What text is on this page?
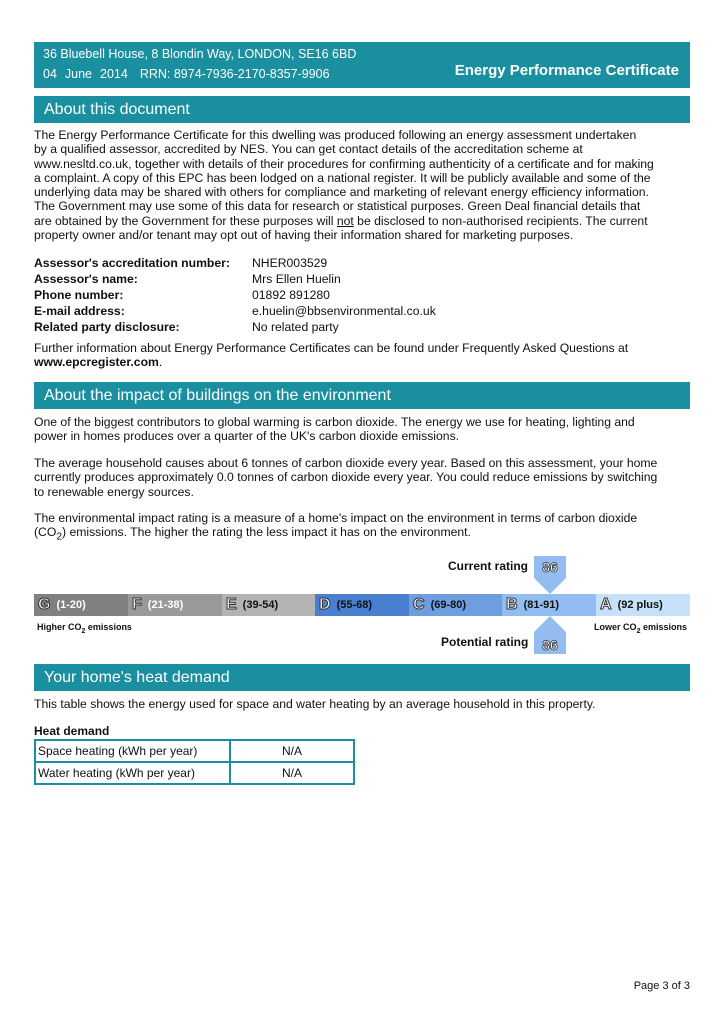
36 Bluebell House, 8 Blondin Way, LONDON, SE16 6BD
04 June 2014 RRN: 8974-7936-2170-8357-9906	Energy Performance Certificate
About this document

The Energy Performance Certificate for this dwelling was produced following an energy assessment undertaken

by a qualified assessor, accredited by NES. You can get contact details of the accreditation scheme at

www.nesltd.co.uk, together with details of their procedures for confirming authenticity of a certificate and for making

a complaint. A copy of this EPC has been lodged on a national register. It will be publicly available and some of the

underlying data may be shared with others for compliance and marketing of relevant energy efficiency information.

The Government may use some of this data for research or statistical purposes. Green Deal financial details that

are obtained by the Government for these purposes will not be disclosed to non-authorised recipients. The current

property owner and/or tenant may opt out of having their information shared for marketing purposes.

Assessor's accreditation number:	NHER003529
Assessor's name:	Mrs Ellen Huelin
Phone number:	01892 891280
E-mail address:	e.huelin@bbsenvironmental.co.uk
Related party disclosure:	No related party

Further information about Energy Performance Certificates can be found under Frequently Asked Questions at

www.epcregister.com.

About the impact of buildings on the environment

One of the biggest contributors to global warming is carbon dioxide. The energy we use for heating, lighting and

power in homes produces over a quarter of the UK's carbon dioxide emissions.

The average household causes about 6 tonnes of carbon dioxide every year. Based on this assessment, your home

currently produces approximately 0.0 tonnes of carbon dioxide every year. You could reduce emissions by switching

to renewable energy sources.

The environmental impact rating is a measure of a home's impact on the environment in terms of carbon dioxide

$(CO_2)$ emissions. The higher the rating the less impact it has on the environment.

Current rating 86
G (1-20)	F (21-38)	E (39-54)	D (55-68)	C (69-80) B (81-91)	A (92 plus)
Higher $CO_2$ emissions	Lower $CO_2$ emissions
86
Potential rating
Your home's heat demand
This table shows the energy used for space and water heating by an average household in this property.
Heat demand
Space heating (kWh per year)	N/A
Water heating (kWh per year)	N/A
Page 3 of 3
